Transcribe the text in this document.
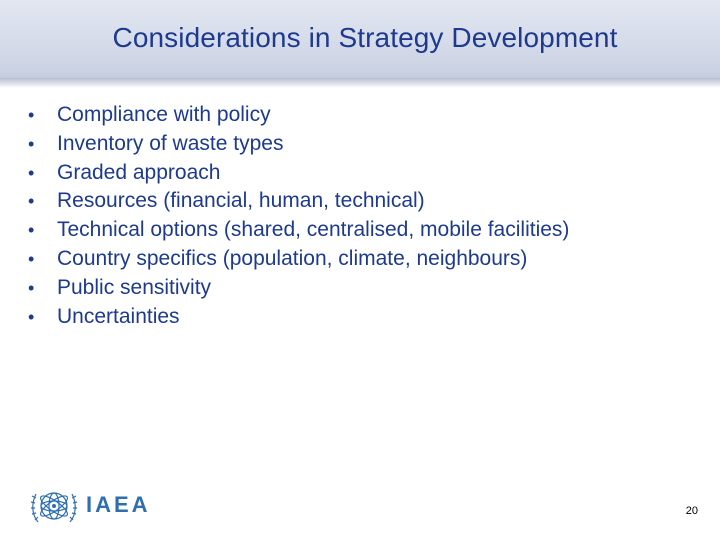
Considerations in Strategy Development
• Compliance with policy
• Inventory of waste types
• Graded approach
• Resources (financial, human, technical)
• Technical options (shared, centralised, mobile facilities)
• Country specifics (population, climate, neighbours)
• Public sensitivity
• Uncertainties
IAEA	20
